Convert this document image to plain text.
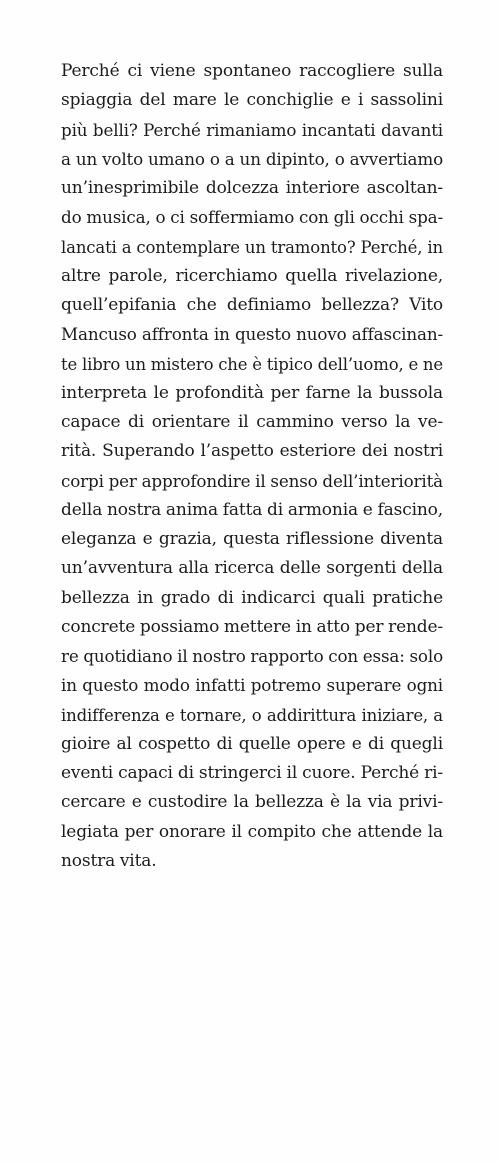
Perché ci viene spontaneo raccogliere sulla
spiaggia del mare le conchiglie e i sassolini
più belli? Perché rimaniamo incantati davanti
a un volto umano o a un dipinto, o avvertiamo
un’inesprimibile dolcezza interiore ascoltan-
do musica, o ci soffermiamo con gli occhi spa-
lancati a contemplare un tramonto? Perché, in
altre parole, ricerchiamo quella rivelazione,
quell’epifania che definiamo bellezza? Vito
Mancuso affronta in questo nuovo affascinan-
te libro un mistero che è tipico dell’uomo, e ne
interpreta le profondità per farne la bussola
capace di orientare il cammino verso la ve-
rità. Superando l’aspetto esteriore dei nostri
corpi per approfondire il senso dell’interiorità
della nostra anima fatta di armonia e fascino,
eleganza e grazia, questa riflessione diventa
un’avventura alla ricerca delle sorgenti della
bellezza in grado di indicarci quali pratiche
concrete possiamo mettere in atto per rende-
re quotidiano il nostro rapporto con essa: solo
in questo modo infatti potremo superare ogni
indifferenza e tornare, o addirittura iniziare, a
gioire al cospetto di quelle opere e di quegli
eventi capaci di stringerci il cuore. Perché ri-
cercare e custodire la bellezza è la via privi-
legiata per onorare il compito che attende la
nostra vita.
